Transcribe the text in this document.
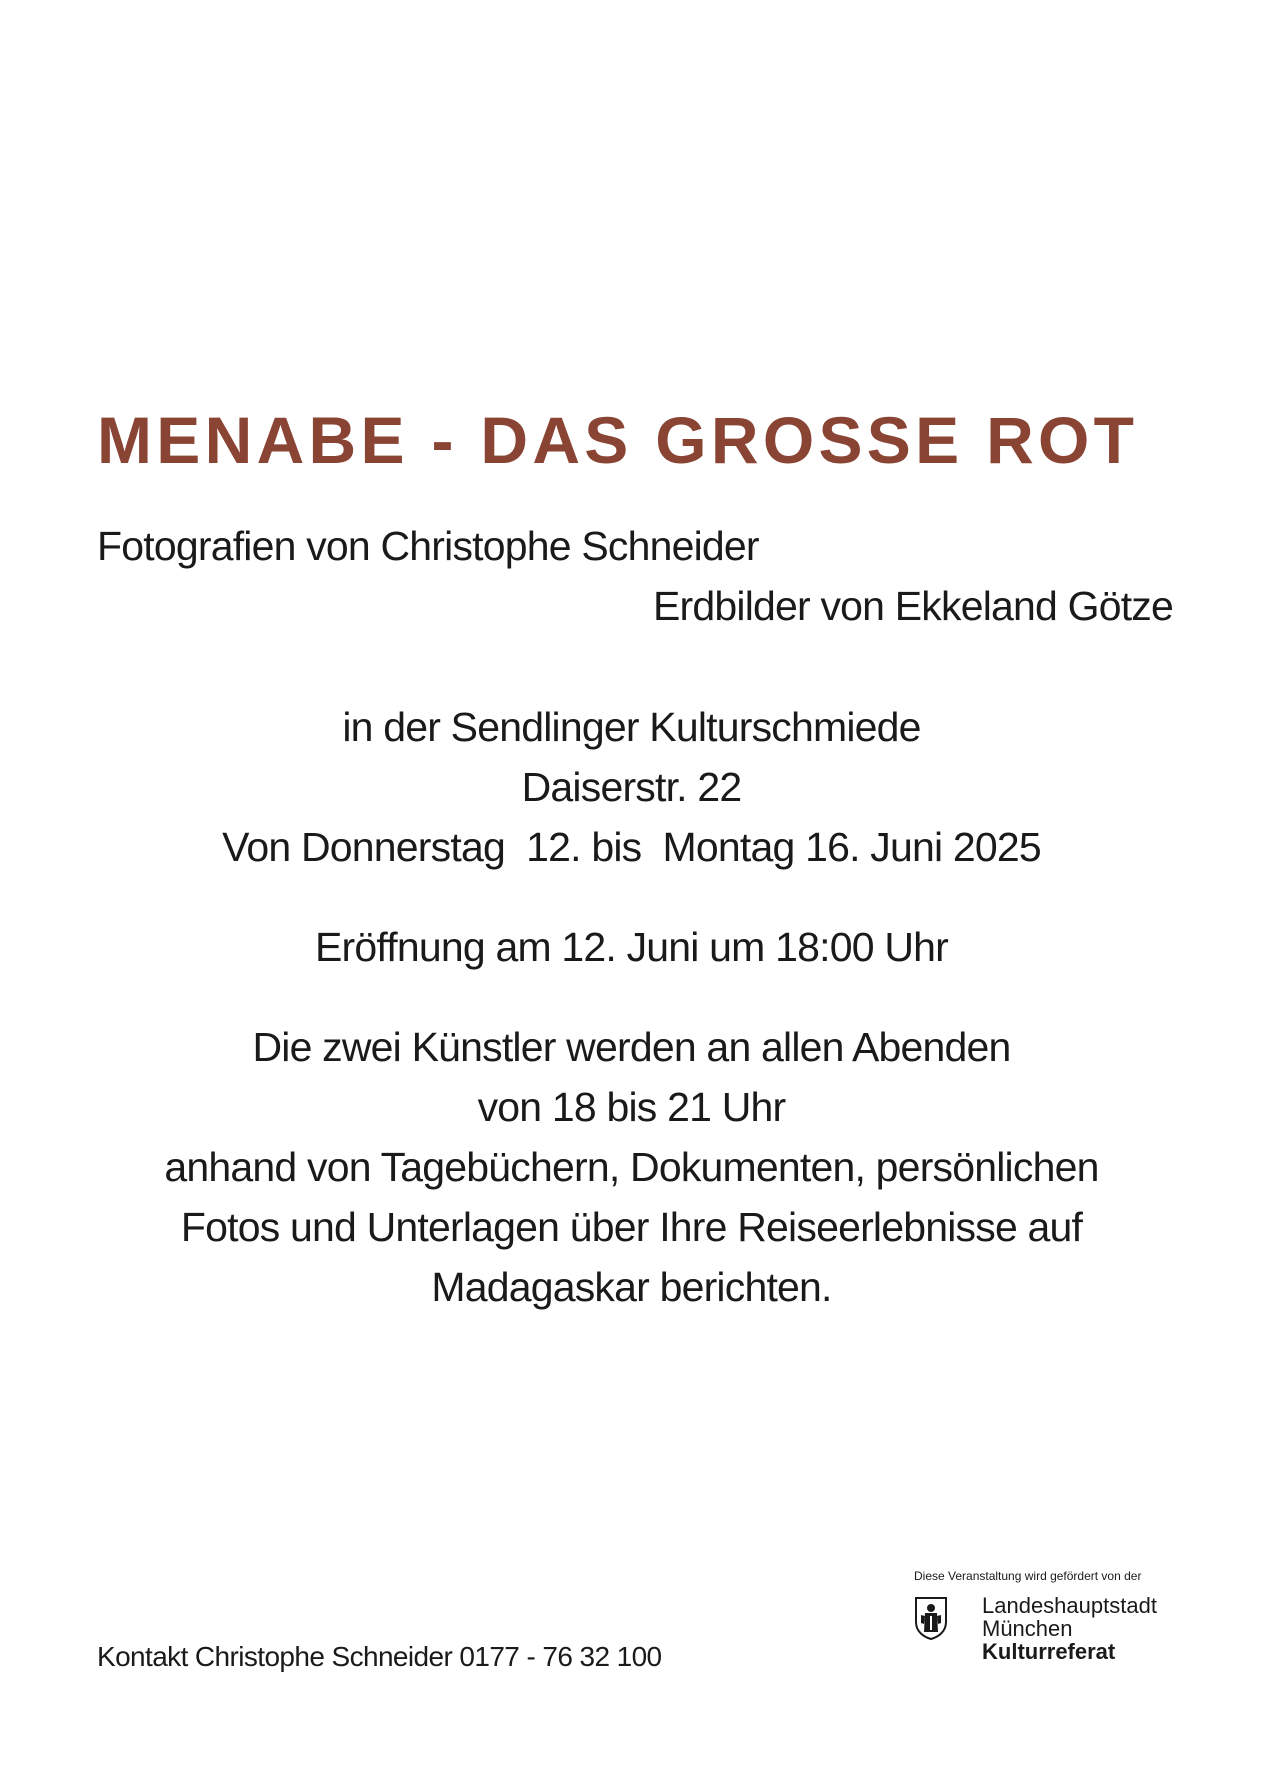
MENABE - DAS GROSSE ROT
Fotografien von Christophe Schneider
Erdbilder von Ekkeland Götze
in der Sendlinger Kulturschmiede
Daiserstr. 22
Von Donnerstag  12. bis  Montag 16. Juni 2025
Eröffnung am 12. Juni um 18:00 Uhr
Die zwei Künstler werden an allen Abenden
von 18 bis 21 Uhr
anhand von Tagebüchern, Dokumenten, persönlichen
Fotos und Unterlagen über Ihre Reiseerlebnisse auf
Madagaskar berichten.
Kontakt Christophe Schneider 0177 - 76 32 100
Diese Veranstaltung wird gefördert von der
Landeshauptstadt
München
Kulturreferat
